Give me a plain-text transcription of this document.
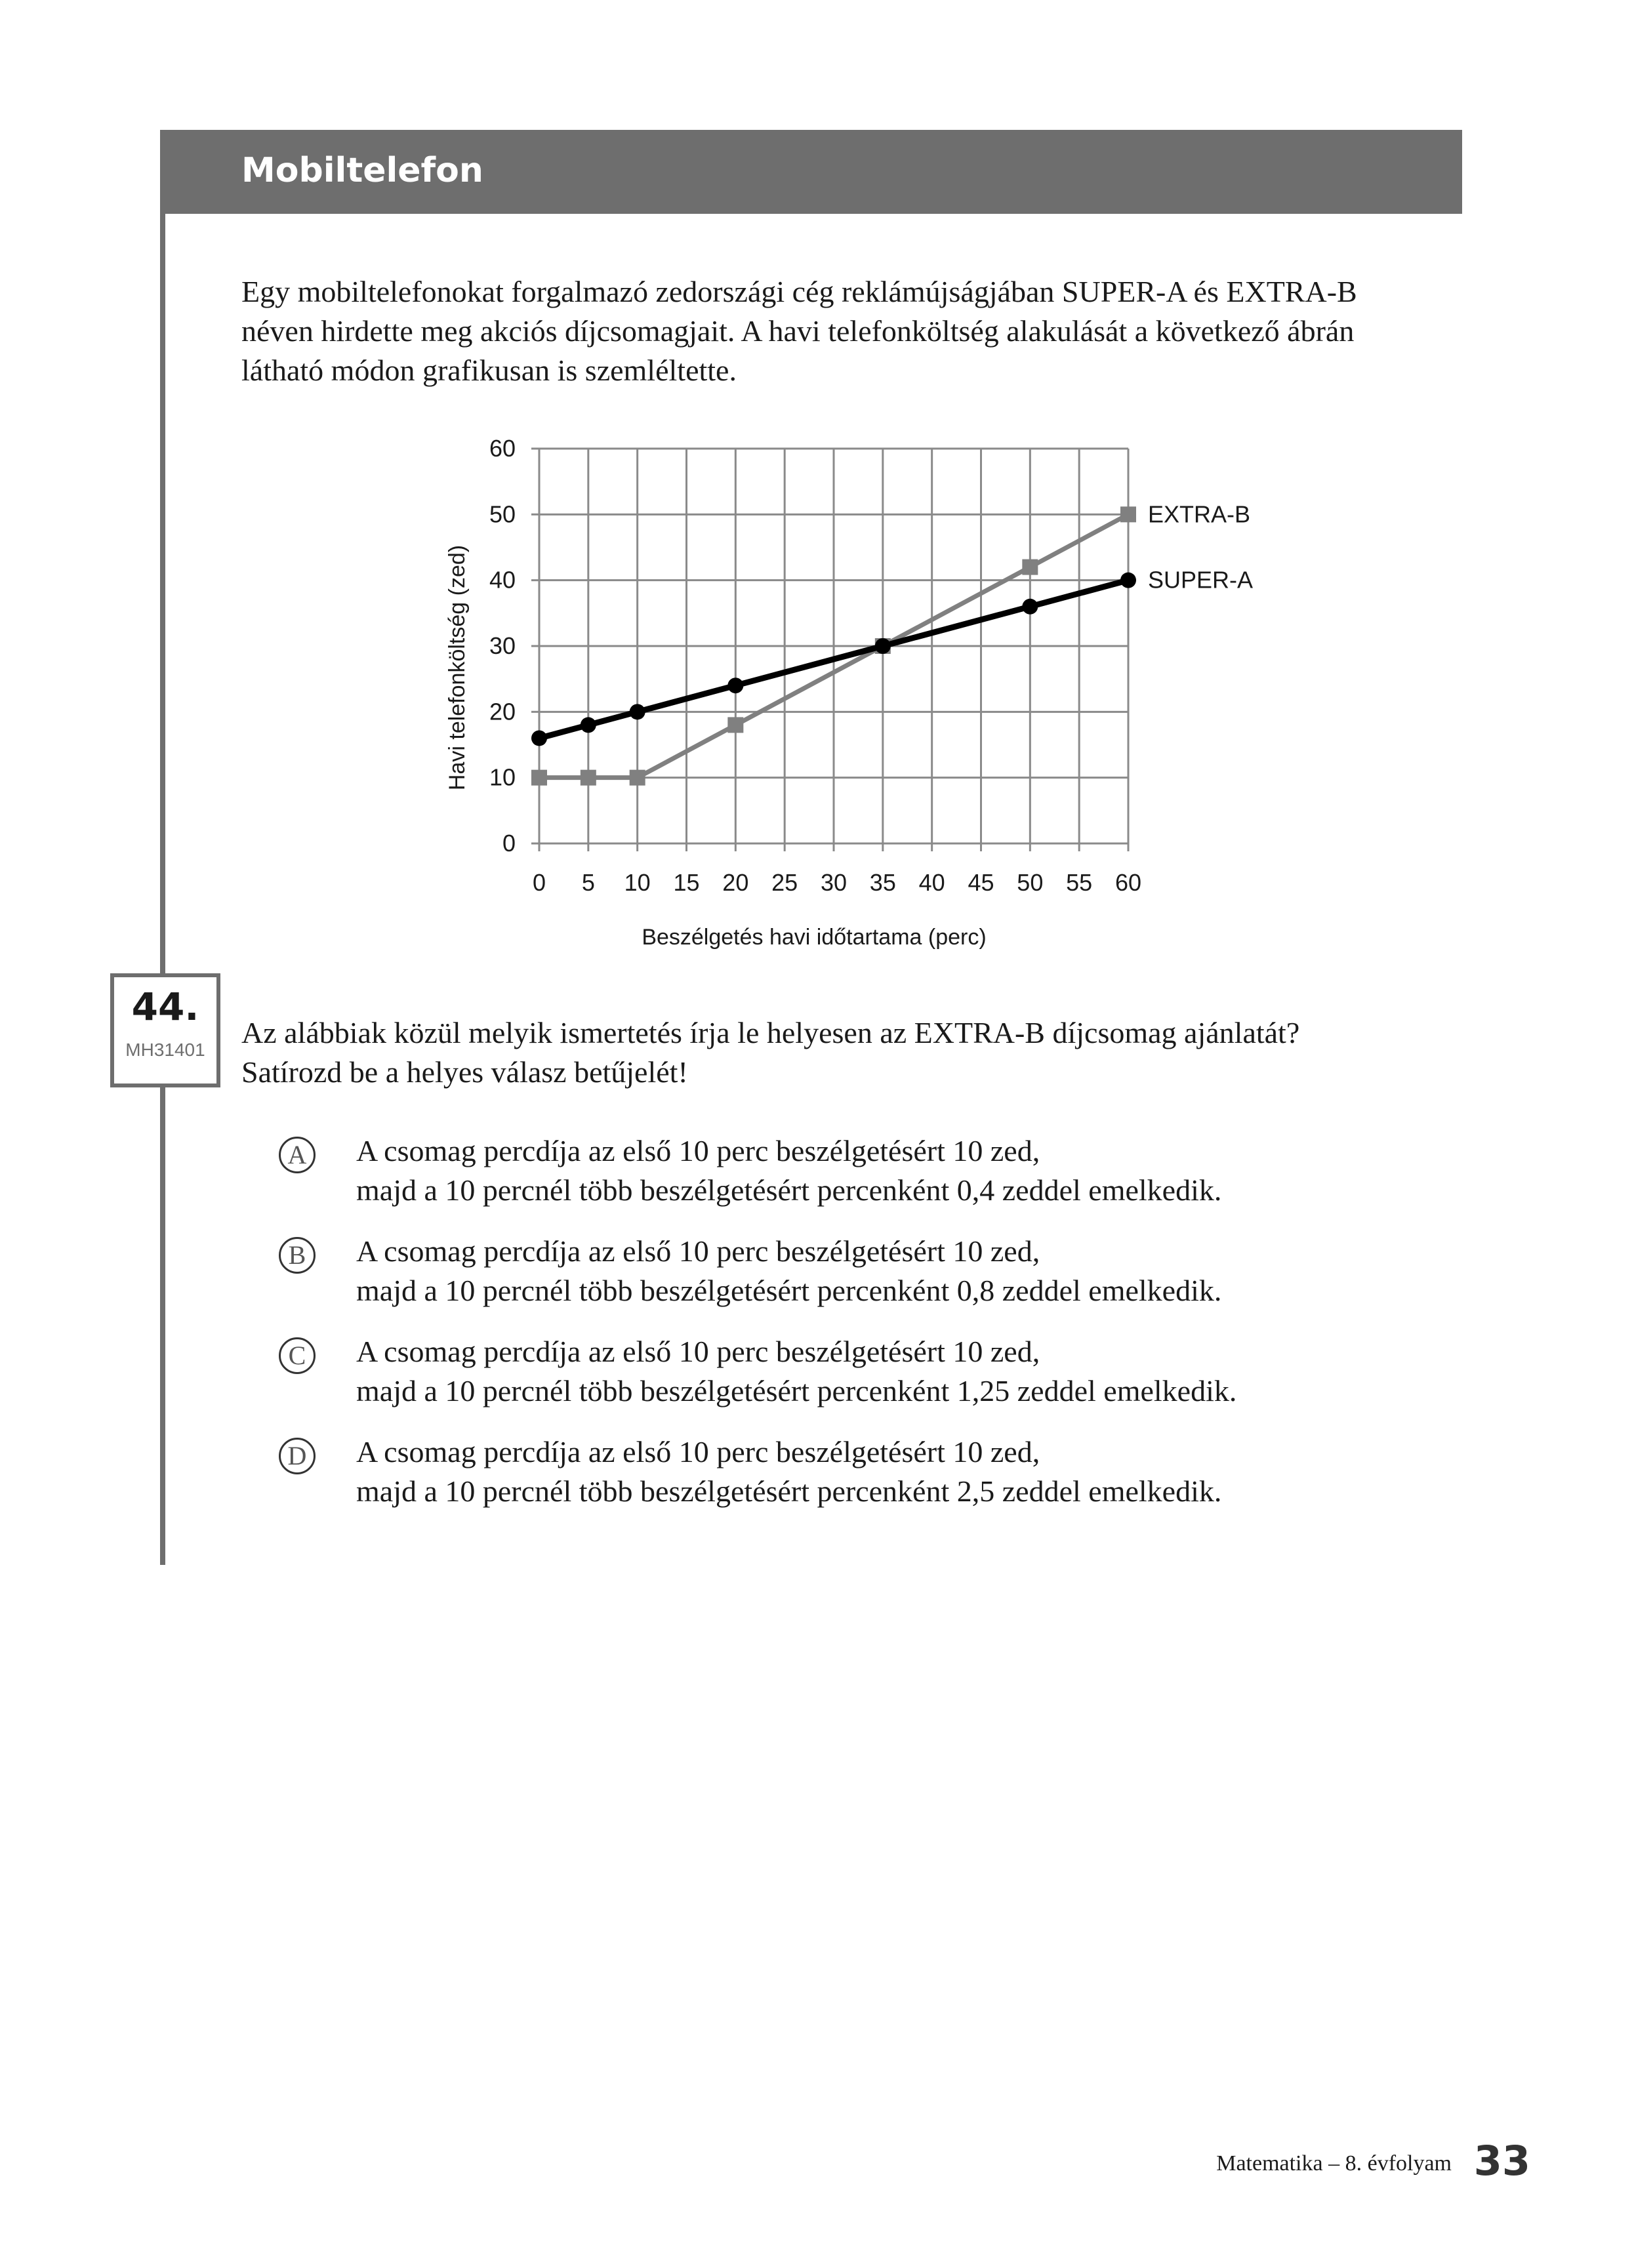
Mobiltelefon
Egy mobiltelefonokat forgalmazó zedországi cég reklámújságjában SUPER-A és EXTRA-B
néven hirdette meg akciós díjcsomagjait. A havi telefonköltség alakulását a következő ábrán
látható módon grafikusan is szemléltette.
0
10
20
30
40
50
60
0 5 10 15 20 25 30 35 40 45 50 55 60
Havi telefonköltség (zed)
Beszélgetés havi időtartama (perc)
EXTRA-B
SUPER-A
44.
MH31401
Az alábbiak közül melyik ismertetés írja le helyesen az EXTRA-B díjcsomag ajánlatát?
Satírozd be a helyes válasz betűjelét!
A A csomag percdíja az első 10 perc beszélgetésért 10 zed,
majd a 10 percnél több beszélgetésért percenként 0,4 zeddel emelkedik.
B	A csomag percdíja az első 10 perc beszélgetésért 10 zed,
majd a 10 percnél több beszélgetésért percenként 0,8 zeddel emelkedik.
C	A csomag percdíja az első 10 perc beszélgetésért 10 zed,
majd a 10 percnél több beszélgetésért percenként 1,25 zeddel emelkedik.
D A csomag percdíja az első 10 perc beszélgetésért 10 zed,
majd a 10 percnél több beszélgetésért percenként 2,5 zeddel emelkedik.
Matematika – 8. évfolyam 33
